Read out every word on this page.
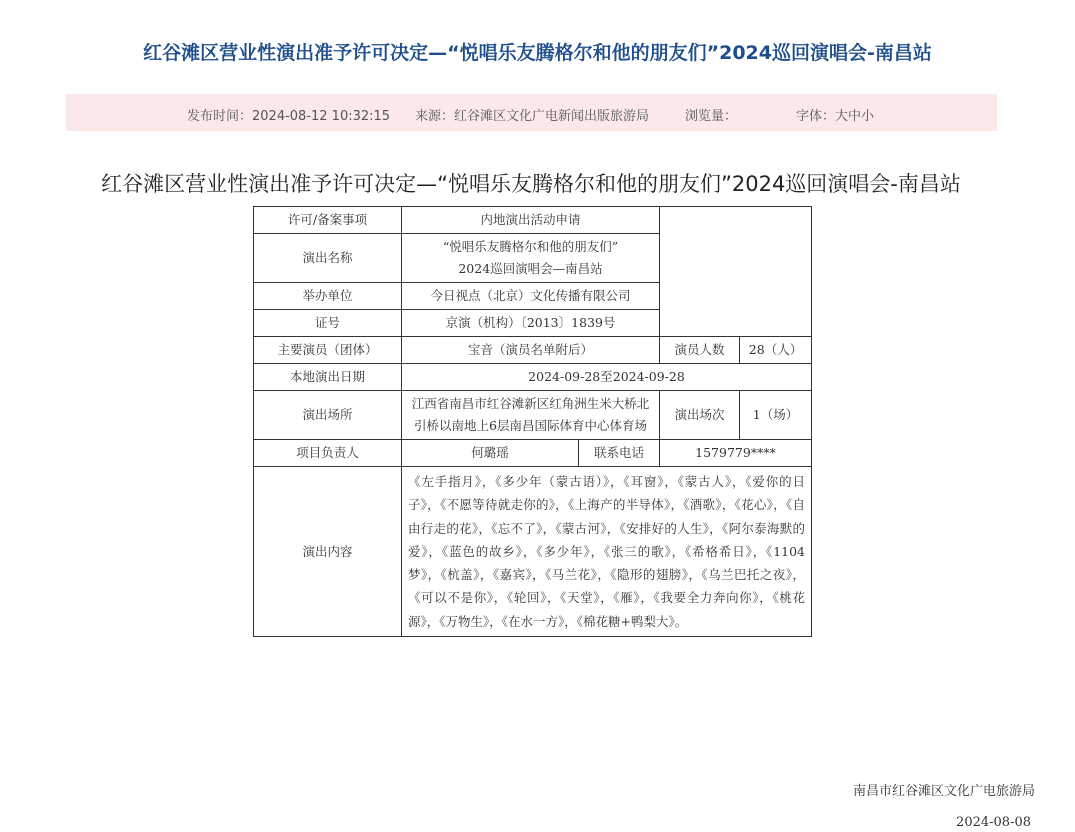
红谷滩区营业性演出准予许可决定—“悦唱乐友腾格尔和他的朋友们”2024巡回演唱会-南昌站
发布时间：2024-08-12 10:32:15 来源：红谷滩区文化广电新闻出版旅游局	浏览量：	字体：大中小
红谷滩区营业性演出准予许可决定—“悦唱乐友腾格尔和他的朋友们”2024巡回演唱会-南昌站
许可/备案事项	内地演出活动申请			
演出名称	“悦唱乐友腾格尔和他的朋友们”
2024巡回演唱会—南昌站			
举办单位	今日视点（北京）文化传播有限公司			
证号	京演（机构）〔2013〕1839号			
主要演员（团体）	宝音（演员名单附后）		演员人数	28（人）
本地演出日期	2024-09-28至2024-09-28			
演出场所	江西省南昌市红谷滩新区红角洲生米大桥北引桥以南地上6层南昌国际体育中心体育场		演出场次	1（场）
项目负责人	何璐瑶	联系电话	1579779****	
演出内容	《左手指月》，《多少年（蒙古语）》，《耳窗》，《蒙古人》，《爱你的日子》，《不愿等待就走你的》，《上海产的半导体》，《酒歌》，《花心》，《自由行走的花》，《忘不了》，《蒙古河》，《安排好的人生》，《阿尔泰海默的爱》，《蓝色的故乡》，《多少年》，《张三的歌》，《希格希日》，《1104梦》，《杭盖》，《嘉宾》，《马兰花》，《隐形的翅膀》，《乌兰巴托之夜》，《可以不是你》，《轮回》，《天堂》，《雁》，《我要全力奔向你》，《桃花源》，《万物生》，《在水一方》，《棉花糖+鸭梨大》。			
南昌市红谷滩区文化广电旅游局
2024-08-08
